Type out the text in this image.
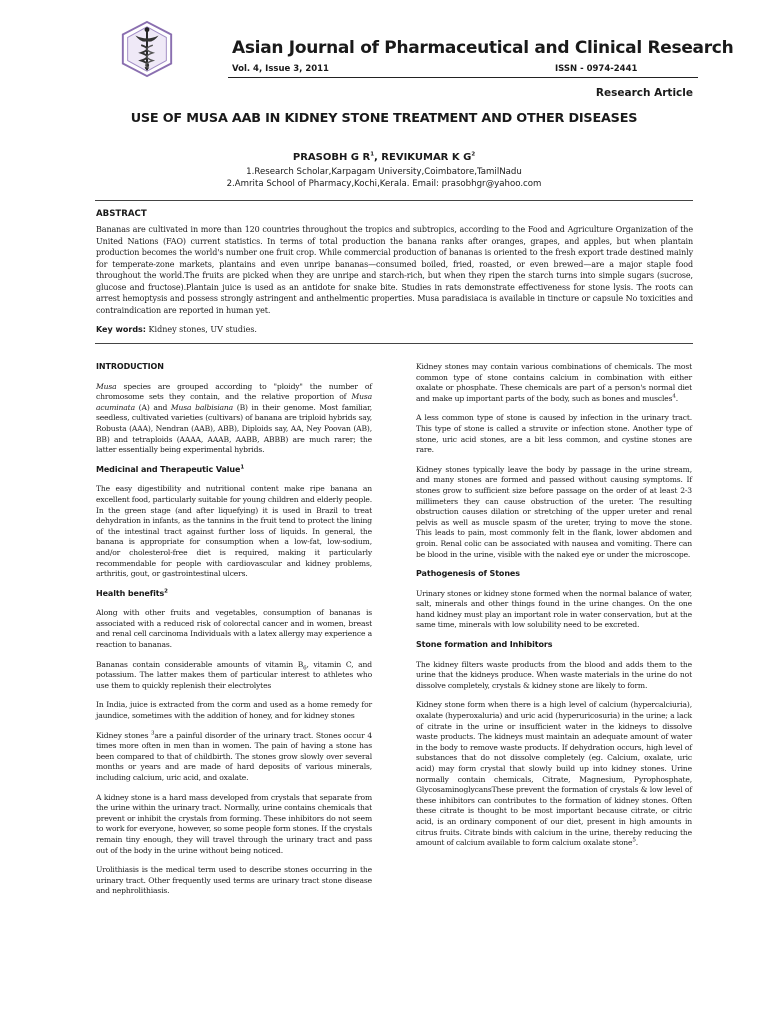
Asian Journal of Pharmaceutical and Clinical Research
Vol. 4, Issue 3, 2011	ISSN - 0974-2441
Research Article
USE OF MUSA AAB IN KIDNEY STONE TREATMENT AND OTHER DISEASES
PRASOBH G $R^1$, REVIKUMAR K $G^2$
1.Research Scholar,Karpagam University,Coimbatore,TamilNadu
2.Amrita School of Pharmacy,Kochi,Kerala. Email: prasobhgr@yahoo.com
ABSTRACT
Bananas are cultivated in more than 120 countries throughout the tropics and subtropics, according to the Food and Agriculture Organization of the United Nations (FAO) current statistics. In terms of total production the banana ranks after oranges, grapes, and apples, but when plantain production becomes the world's number one fruit crop. While commercial production of bananas is oriented to the fresh export trade destined mainly for temperate-zone markets, plantains and even unripe bananas—consumed boiled, fried, roasted, or even brewed—are a major staple food throughout the world.The fruits are picked when they are unripe and starch-rich, but when they ripen the starch turns into simple sugars (sucrose, glucose and fructose).Plantain juice is used as an antidote for snake bite. Studies in rats demonstrate effectiveness for stone lysis. The roots can arrest hemoptysis and possess strongly astringent and anthelmentic properties. Musa paradisiaca is available in tincture or capsule No toxicities and contraindication are reported in human yet.
Key words: Kidney stones, UV studies.
INTRODUCTION

Musa species are grouped according to "ploidy" the number of chromosome sets they contain, and the relative proportion of Musa acuminata (A) and Musa balbisiana (B) in their genome. Most familiar, seedless, cultivated varieties (cultivars) of banana are triploid hybrids say, Robusta (AAA), Nendran (AAB), ABB), Diploids say, AA, Ney Poovan (AB), BB) and tetraploids (AAAA, AAAB, AABB, ABBB) are much rarer; the latter essentially being experimental hybrids.

Medicinal and Therapeutic Value$^1$

The easy digestibility and nutritional content make ripe banana an excellent food, particularly suitable for young children and elderly people. In the green stage (and after liquefying) it is used in Brazil to treat dehydration in infants, as the tannins in the fruit tend to protect the lining of the intestinal tract against further loss of liquids. In general, the banana is appropriate for consumption when a low-fat, low-sodium, and/or cholesterol-free diet is required, making it particularly recommendable for people with cardiovascular and kidney problems, arthritis, gout, or gastrointestinal ulcers.

Health benefits$^2$

Along with other fruits and vegetables, consumption of bananas is associated with a reduced risk of colorectal cancer and in women, breast and renal cell carcinoma Individuals with a latex allergy may experience a reaction to bananas.

Bananas contain considerable amounts of vitamin $B_6$, vitamin C, and potassium. The latter makes them of particular interest to athletes who use them to quickly replenish their electrolytes

In India, juice is extracted from the corm and used as a home remedy for jaundice, sometimes with the addition of honey, and for kidney stones

Kidney stones $^3$are a painful disorder of the urinary tract. Stones occur 4 times more often in men than in women. The pain of having a stone has been compared to that of childbirth. The stones grow slowly over several months or years and are made of hard deposits of various minerals, including calcium, uric acid, and oxalate.

A kidney stone is a hard mass developed from crystals that separate from the urine within the urinary tract. Normally, urine contains chemicals that prevent or inhibit the crystals from forming. These inhibitors do not seem to work for everyone, however, so some people form stones. If the crystals remain tiny enough, they will travel through the urinary tract and pass out of the body in the urine without being noticed.

Urolithiasis is the medical term used to describe stones occurring in the urinary tract. Other frequently used terms are urinary tract stone disease and nephrolithiasis.

Kidney stones may contain various combinations of chemicals. The most common type of stone contains calcium in combination with either oxalate or phosphate. These chemicals are part of a person's normal diet and make up important parts of the body, such as bones and muscles$^4$.

A less common type of stone is caused by infection in the urinary tract. This type of stone is called a struvite or infection stone. Another type of stone, uric acid stones, are a bit less common, and cystine stones are rare.

Kidney stones typically leave the body by passage in the urine stream, and many stones are formed and passed without causing symptoms. If stones grow to sufficient size before passage on the order of at least 2-3 millimeters they can cause obstruction of the ureter. The resulting obstruction causes dilation or stretching of the upper ureter and renal pelvis as well as muscle spasm of the ureter, trying to move the stone. This leads to pain, most commonly felt in the flank, lower abdomen and groin. Renal colic can be associated with nausea and vomiting. There can be blood in the urine, visible with the naked eye or under the microscope.

Pathogenesis of Stones

Urinary stones or kidney stone formed when the normal balance of water, salt, minerals and other things found in the urine changes. On the one hand kidney must play an important role in water conservation, but at the same time, minerals with low solubility need to be excreted.

Stone formation and Inhibitors

The kidney filters waste products from the blood and adds them to the urine that the kidneys produce. When waste materials in the urine do not dissolve completely, crystals & kidney stone are likely to form.

Kidney stone form when there is a high level of calcium (hypercalciuria), oxalate (hyperoxaluria) and uric acid (hyperuricosuria) in the urine; a lack of citrate in the urine or insufficient water in the kidneys to dissolve waste products. The kidneys must maintain an adequate amount of water in the body to remove waste products. If dehydration occurs, high level of substances that do not dissolve completely (eg. Calcium, oxalate, uric acid) may form crystal that slowly build up into kidney stones. Urine normally contain chemicals, Citrate, Magnesium, Pyrophosphate, GlycosaminoglycansThese prevent the formation of crystals & low level of these inhibitors can contributes to the formation of kidney stones. Often these citrate is thought to be most important because citrate, or citric acid, is an ordinary component of our diet, present in high amounts in citrus fruits. Citrate binds with calcium in the urine, thereby reducing the amount of calcium available to form calcium oxalate stone$^5$.
